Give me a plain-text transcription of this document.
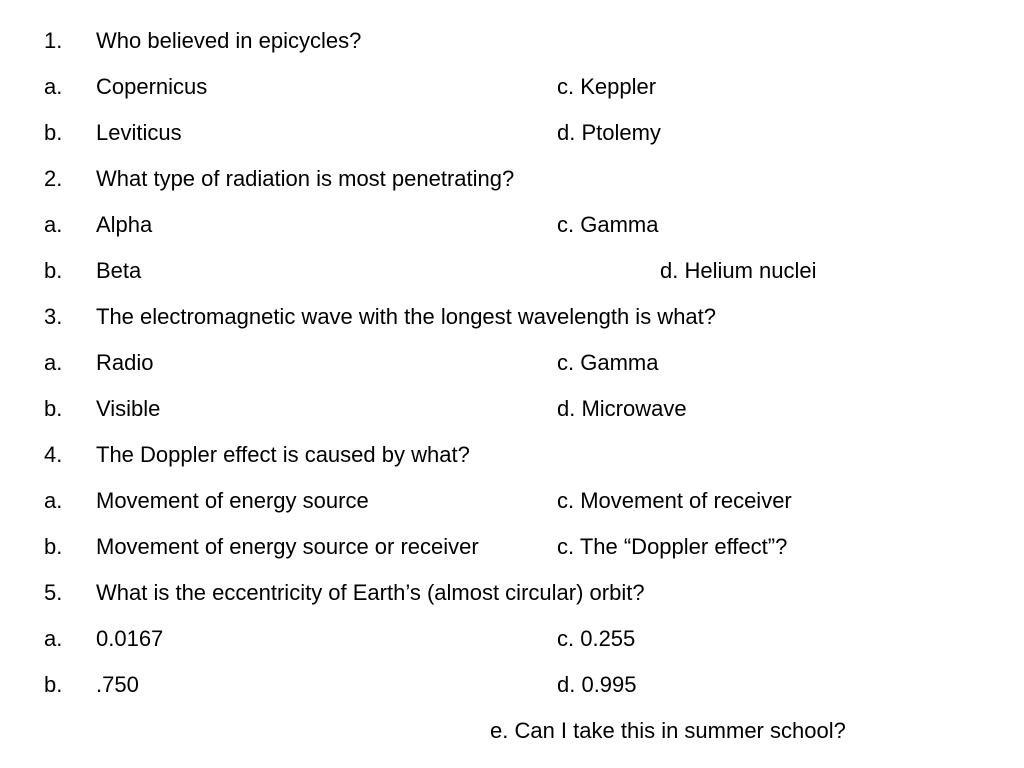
1. Who believed in epicycles?
a. Copernicus	c. Keppler
b. Leviticus	d. Ptolemy
2. What type of radiation is most penetrating?
a. Alpha	c. Gamma
b. Beta	d. Helium nuclei
3. The electromagnetic wave with the longest wavelength is what?
a. Radio	c. Gamma
b. Visible	d. Microwave
4. The Doppler effect is caused by what?
a. Movement of energy source	c. Movement of receiver
b. Movement of energy source or receiver	c. The “Doppler effect”?
5. What is the eccentricity of Earth’s (almost circular) orbit?
a. 0.0167	c. 0.255
b. .750	d. 0.995
e. Can I take this in summer school?
